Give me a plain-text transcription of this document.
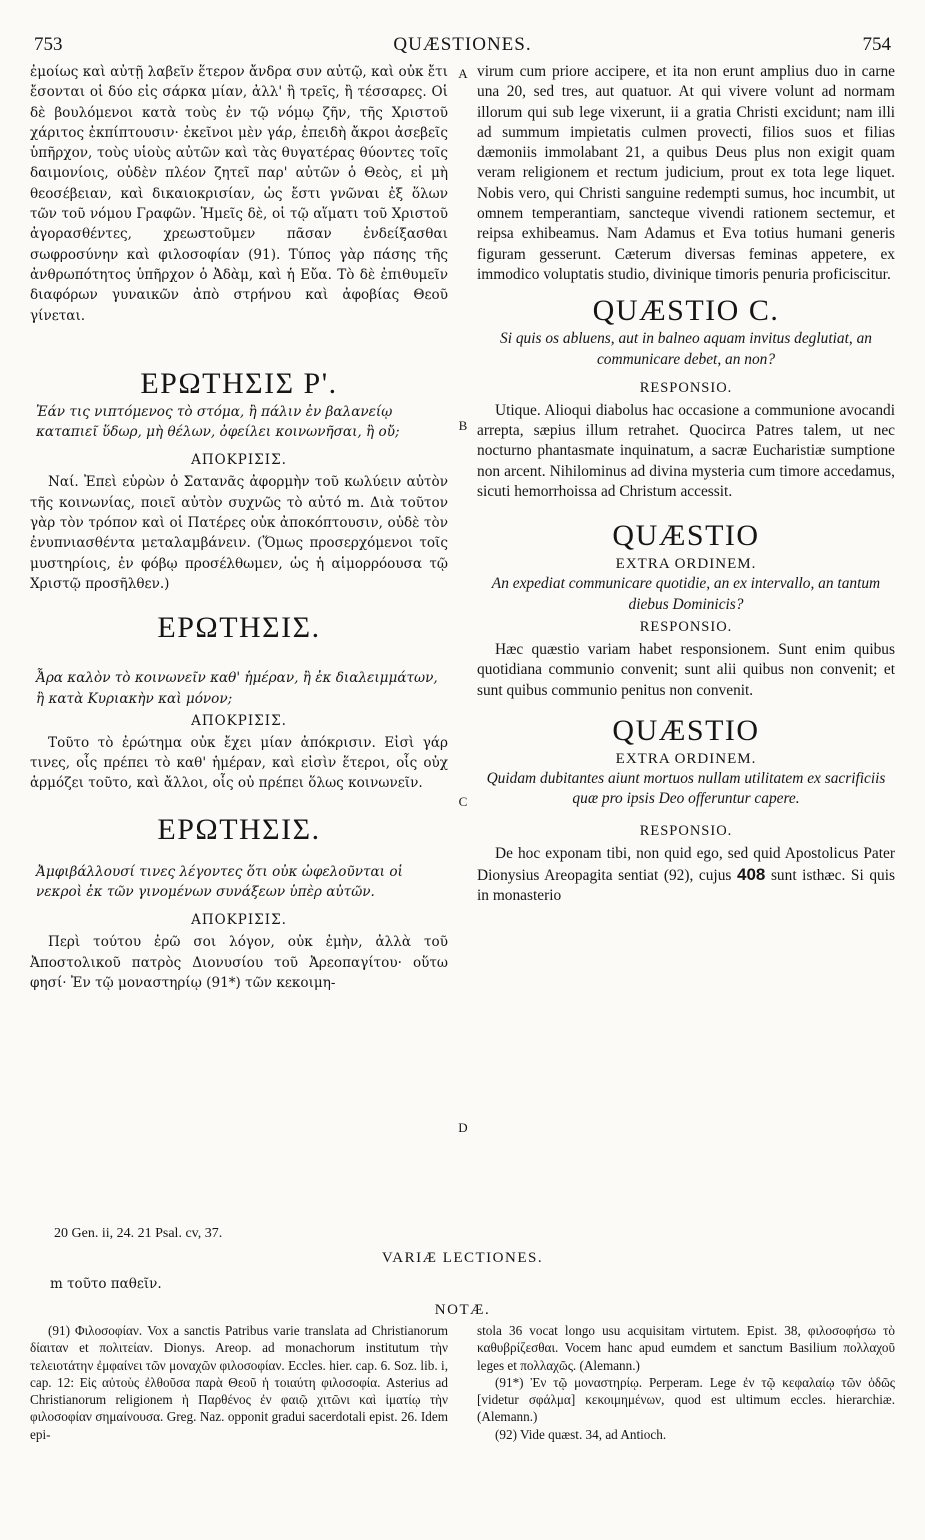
753	QUÆSTIONES.	754
A
B
C
D

ἐμοίως καὶ αὐτῇ λαβεῖν ἕτερον ἄνδρα συν αὐτῷ, καὶ οὐκ ἔτι ἔσονται οἱ δύο εἰς σάρκα μίαν, ἀλλ' ἢ τρεῖς, ἢ τέσσαρες. Οἱ δὲ βουλόμενοι κατὰ τοὺς ἐν τῷ νόμῳ ζῆν, τῆς Χριστοῦ χάριτος ἐκπίπτουσιν· ἐκεῖνοι μὲν γάρ, ἐπειδὴ ἄκροι ἀσεβεῖς ὑπῆρχον, τοὺς υἱοὺς αὐτῶν καὶ τὰς θυγατέρας θύοντες τοῖς δαιμονίοις, οὐδὲν πλέον ζητεῖ παρ' αὐτῶν ὁ Θεὸς, εἰ μὴ θεοσέβειαν, καὶ δικαιοκρισίαν, ὡς ἔστι γνῶναι ἐξ ὅλων τῶν τοῦ νόμου Γραφῶν. Ἡμεῖς δὲ, οἱ τῷ αἵματι τοῦ Χριστοῦ ἀγορασθέντες, χρεωστοῦμεν πᾶσαν ἐνδείξασθαι σωφροσύνην καὶ φιλοσοφίαν (91). Τύπος γὰρ πάσης τῆς ἀνθρωπότητος ὑπῆρχον ὁ Ἀδὰμ, καὶ ἡ Εὔα. Τὸ δὲ ἐπιθυμεῖν διαφόρων γυναικῶν ἀπὸ στρήνου καὶ ἀφοβίας Θεοῦ γίνεται.

ΕΡΩΤΗΣΙΣ Ρ'.

Ἐάν τις νιπτόμενος τὸ στόμα, ἢ πάλιν ἐν βαλανείῳ καταπιεῖ ὕδωρ, μὴ θέλων, ὀφείλει κοινωνῆσαι, ἢ οὔ;

ΑΠΟΚΡΙΣΙΣ.

Ναί. Ἐπεὶ εὑρὼν ὁ Σατανᾶς ἀφορμὴν τοῦ κωλύειν αὐτὸν τῆς κοινωνίας, ποιεῖ αὐτὸν συχνῶς τὸ αὐτό m. Διὰ τοῦτον γὰρ τὸν τρόπον καὶ οἱ Πατέρες οὐκ ἀποκόπτουσιν, οὐδὲ τὸν ἐνυπνιασθέντα μεταλαμβάνειν. (Ὅμως προσερχόμενοι τοῖς μυστηρίοις, ἐν φόβῳ προσέλθωμεν, ὡς ἡ αἱμορρόουσα τῷ Χριστῷ προσῆλθεν.)

ΕΡΩΤΗΣΙΣ.

Ἆρα καλὸν τὸ κοινωνεῖν καθ' ἡμέραν, ἢ ἐκ διαλειμμάτων, ἢ κατὰ Κυριακὴν καὶ μόνον;

ΑΠΟΚΡΙΣΙΣ.

Τοῦτο τὸ ἐρώτημα οὐκ ἔχει μίαν ἀπόκρισιν. Εἰσὶ γάρ τινες, οἷς πρέπει τὸ καθ' ἡμέραν, καὶ εἰσὶν ἕτεροι, οἷς οὐχ ἁρμόζει τοῦτο, καὶ ἄλλοι, οἷς οὐ πρέπει ὅλως κοινωνεῖν.

ΕΡΩΤΗΣΙΣ.

Ἀμφιβάλλουσί τινες λέγοντες ὅτι οὐκ ὠφελοῦνται οἱ νεκροὶ ἐκ τῶν γινομένων συνάξεων ὑπὲρ αὐτῶν.

ΑΠΟΚΡΙΣΙΣ.

Περὶ τούτου ἐρῶ σοι λόγον, οὐκ ἐμὴν, ἀλλὰ τοῦ Ἀποστολικοῦ πατρὸς Διονυσίου τοῦ Ἀρεοπαγίτου· οὕτω φησί· Ἐν τῷ μοναστηρίῳ (91*) τῶν κεκοιμη-

virum cum priore accipere, et ita non erunt amplius duo in carne una 20, sed tres, aut quatuor. At qui vivere volunt ad normam illorum qui sub lege vixerunt, ii a gratia Christi excidunt; nam illi ad summum impietatis culmen provecti, filios suos et filias dæmoniis immolabant 21, a quibus Deus plus non exigit quam veram religionem et rectum judicium, prout ex tota lege liquet. Nobis vero, qui Christi sanguine redempti sumus, hoc incumbit, ut omnem temperantiam, sancteque vivendi rationem sectemur, et reipsa exhibeamus. Nam Adamus et Eva totius humani generis figuram gesserunt. Cæterum diversas feminas appetere, ex immodico voluptatis studio, divinique timoris penuria proficiscitur.

QUÆSTIO C.

Si quis os abluens, aut in balneo aquam invitus deglutiat, an communicare debet, an non?

RESPONSIO.

Utique. Alioqui diabolus hac occasione a communione avocandi arrepta, sæpius illum retrahet. Quocirca Patres talem, ut nec nocturno phantasmate inquinatum, a sacræ Eucharistiæ sumptione non arcent. Nihilominus ad divina mysteria cum timore accedamus, sicuti hemorrhoissa ad Christum accessit.

QUÆSTIO
EXTRA ORDINEM.

An expediat communicare quotidie, an ex intervallo, an tantum diebus Dominicis?

RESPONSIO.

Hæc quæstio variam habet responsionem. Sunt enim quibus quotidiana communio convenit; sunt alii quibus non convenit; et sunt quibus communio penitus non convenit.

QUÆSTIO
EXTRA ORDINEM.

Quidam dubitantes aiunt mortuos nullam utilitatem ex sacrificiis quæ pro ipsis Deo offeruntur capere.

RESPONSIO.

De hoc exponam tibi, non quid ego, sed quid Apostolicus Pater Dionysius Areopagita sentiat (92), cujus 408 sunt isthæc. Si quis in monasterio

20 Gen. ii, 24. 21 Psal. cv, 37.
VARIÆ LECTIONES.
m τοῦτο παθεῖν.
NOTÆ.

(91) Φιλοσοφίαν. Vox a sanctis Patribus varie translata ad Christianorum δίαιταν et πολιτείαν. Dionys. Areop. ad monachorum institutum τὴν τελειοτάτην ἐμφαίνει τῶν μοναχῶν φιλοσοφίαν. Eccles. hier. cap. 6. Soz. lib. i, cap. 12: Εἰς αὐτοὺς ἐλθοῦσα παρὰ Θεοῦ ἡ τοιαύτη φιλοσοφία. Asterius ad Christianorum religionem ἡ Παρθένος ἐν φαιῷ χιτῶνι καὶ ἱματίῳ τὴν φιλοσοφίαν σημαίνουσα. Greg. Naz. opponit gradui sacerdotali epist. 26. Idem epi-

stola 36 vocat longo usu acquisitam virtutem. Epist. 38, φιλοσοφήσω τὸ καθυβρίζεσθαι. Vocem hanc apud eumdem et sanctum Basilium πολλαχοῦ leges et πολλαχῶς. (Alemann.)

(91*) Ἐν τῷ μοναστηρίῳ. Perperam. Lege ἐν τῷ κεφαλαίῳ τῶν ὁδῶς [videtur σφάλμα] κεκοιμημένων, quod est ultimum eccles. hierarchiæ. (Alemann.)

(92) Vide quæst. 34, ad Antioch.
